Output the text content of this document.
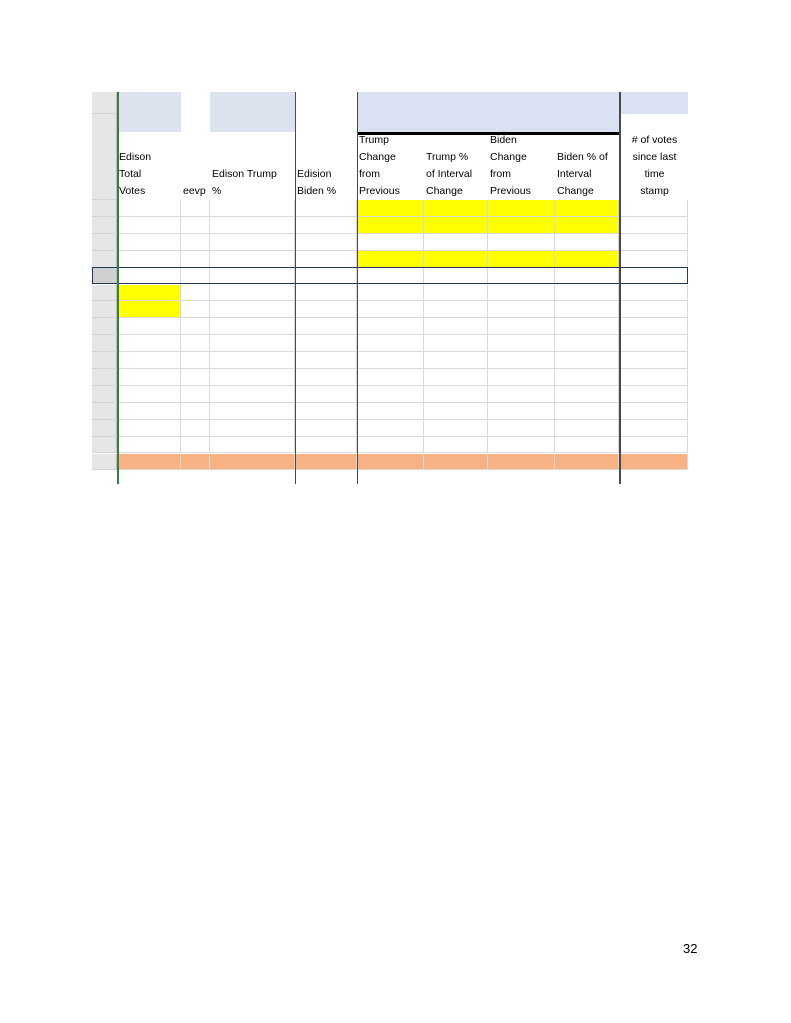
Edison
Total
Votes	eevp
Edison Trump
%
Edision
Biden %
Trump
Change
from
Previous
Trump %
of Interval
Change
Biden
Change
from
Previous
Biden % of
Interval
Change
# of votes
since last
time
stamp
32
